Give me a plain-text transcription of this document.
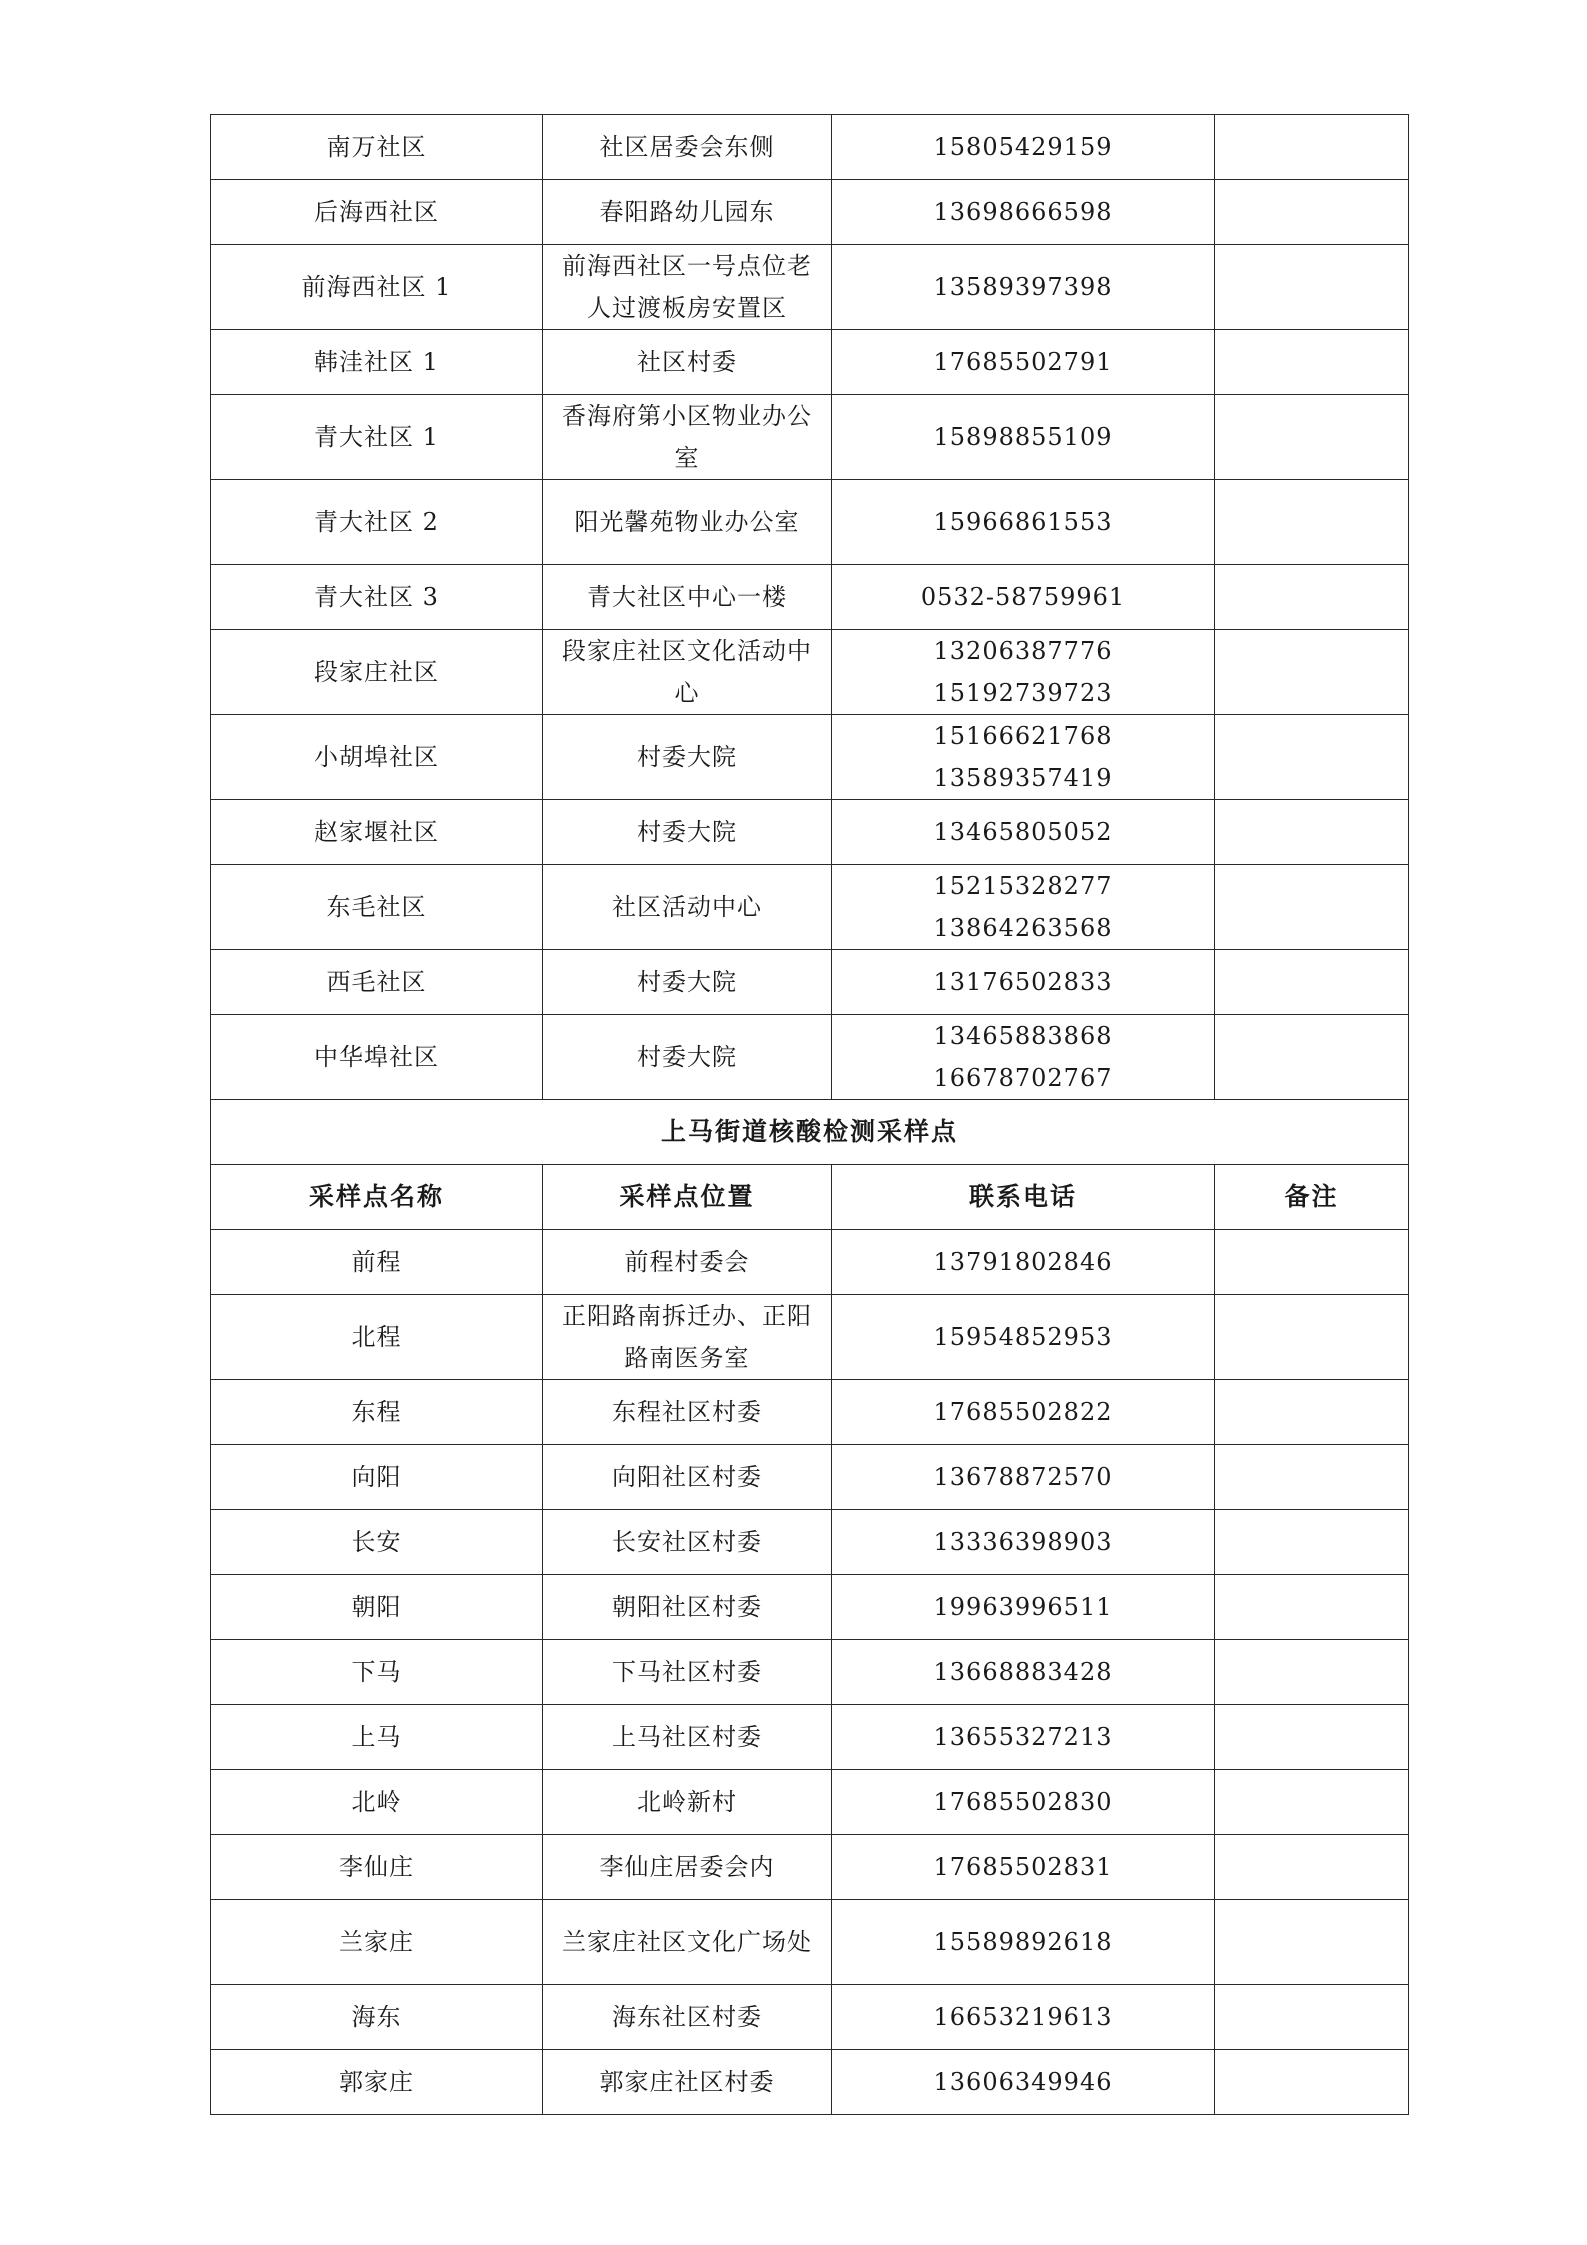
南万社区	社区居委会东侧	15805429159	

后海西社区	春阳路幼儿园东	13698666598	

前海西社区 1	前海西社区一号点位老人过渡板房安置区	13589397398	

韩洼社区 1	社区村委	17685502791	

青大社区 1	香海府第小区物业办公室	15898855109	

青大社区 2	阳光馨苑物业办公室	15966861553	

青大社区 3	青大社区中心一楼	0532-58759961	

段家庄社区	段家庄社区文化活动中心	13206387776
15192739723	

小胡埠社区	村委大院	15166621768
13589357419	

赵家堰社区	村委大院	13465805052	

东毛社区	社区活动中心	15215328277
13864263568	

西毛社区	村委大院	13176502833	

中华埠社区	村委大院	13465883868
16678702767	

上马街道核酸检测采样点			
采样点名称	采样点位置	联系电话	备注
前程	前程村委会	13791802846	

北程	正阳路南拆迁办、正阳路南医务室	15954852953	

东程	东程社区村委	17685502822	

向阳	向阳社区村委	13678872570	

长安	长安社区村委	13336398903	

朝阳	朝阳社区村委	19963996511	

下马	下马社区村委	13668883428	

上马	上马社区村委	13655327213	

北岭	北岭新村	17685502830	

李仙庄	李仙庄居委会内	17685502831	

兰家庄	兰家庄社区文化广场处	15589892618	

海东	海东社区村委	16653219613	

郭家庄	郭家庄社区村委	13606349946	
